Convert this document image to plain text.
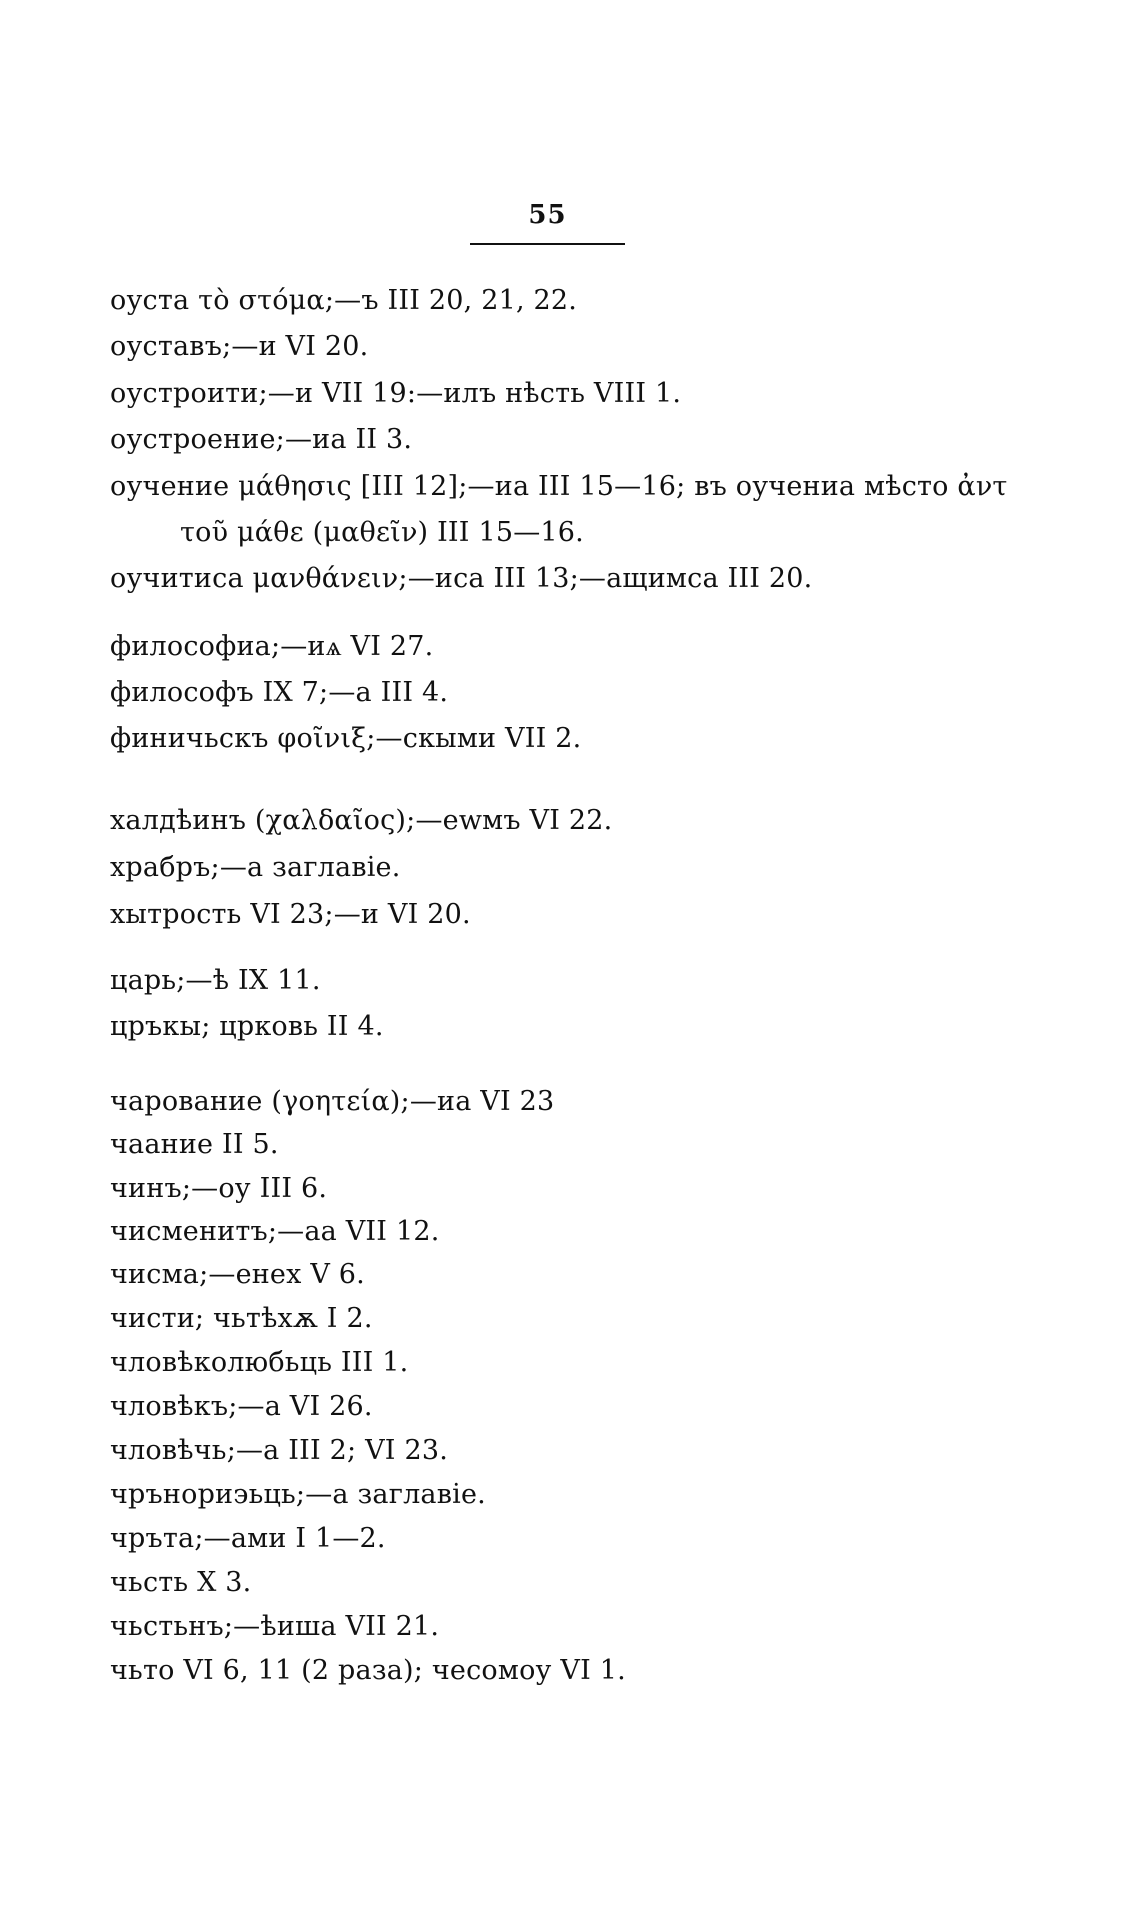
55
оуста τὸ στόμα;—ъ III 20, 21, 22.
оуставъ;—и VI 20.
оустроити;—и VII 19:—илъ нѣсть VIII 1.
оустроение;—иа II 3.
оучение μάθησις [III 12];—иа III 15—16; въ оучениа мѣсто ἀντ
τοῦ μάθε (μαθεῖν) III 15—16.
оучитиса μανθάνειν;—иса III 13;—ащимса III 20.
философиа;—иѧ VI 27.
философъ IX 7;—а III 4.
финичьскъ φοῖνιξ;—скыми VII 2.
халдѣинъ (χαλδαῖος);—еwмъ VI 22.
храбръ;—а заглавіе.
хытрость VI 23;—и VI 20.
царь;—ѣ IX 11.
цръкы; црковь II 4.
чарование (γοητεία);—иа VI 23
чаание II 5.
чинъ;—оу III 6.
чисменитъ;—аа VII 12.
чисма;—енех V 6.
чисти; чьтѣхѫ I 2.
чловѣколюбьць III 1.
чловѣкъ;—а VI 26.
чловѣчь;—а III 2; VI 23.
чрънориэьць;—а заглавіе.
чръта;—ами I 1—2.
чьсть X 3.
чьстьнъ;—ѣиша VII 21.
чьто VI 6, 11 (2 раза); чесомоу VI 1.
